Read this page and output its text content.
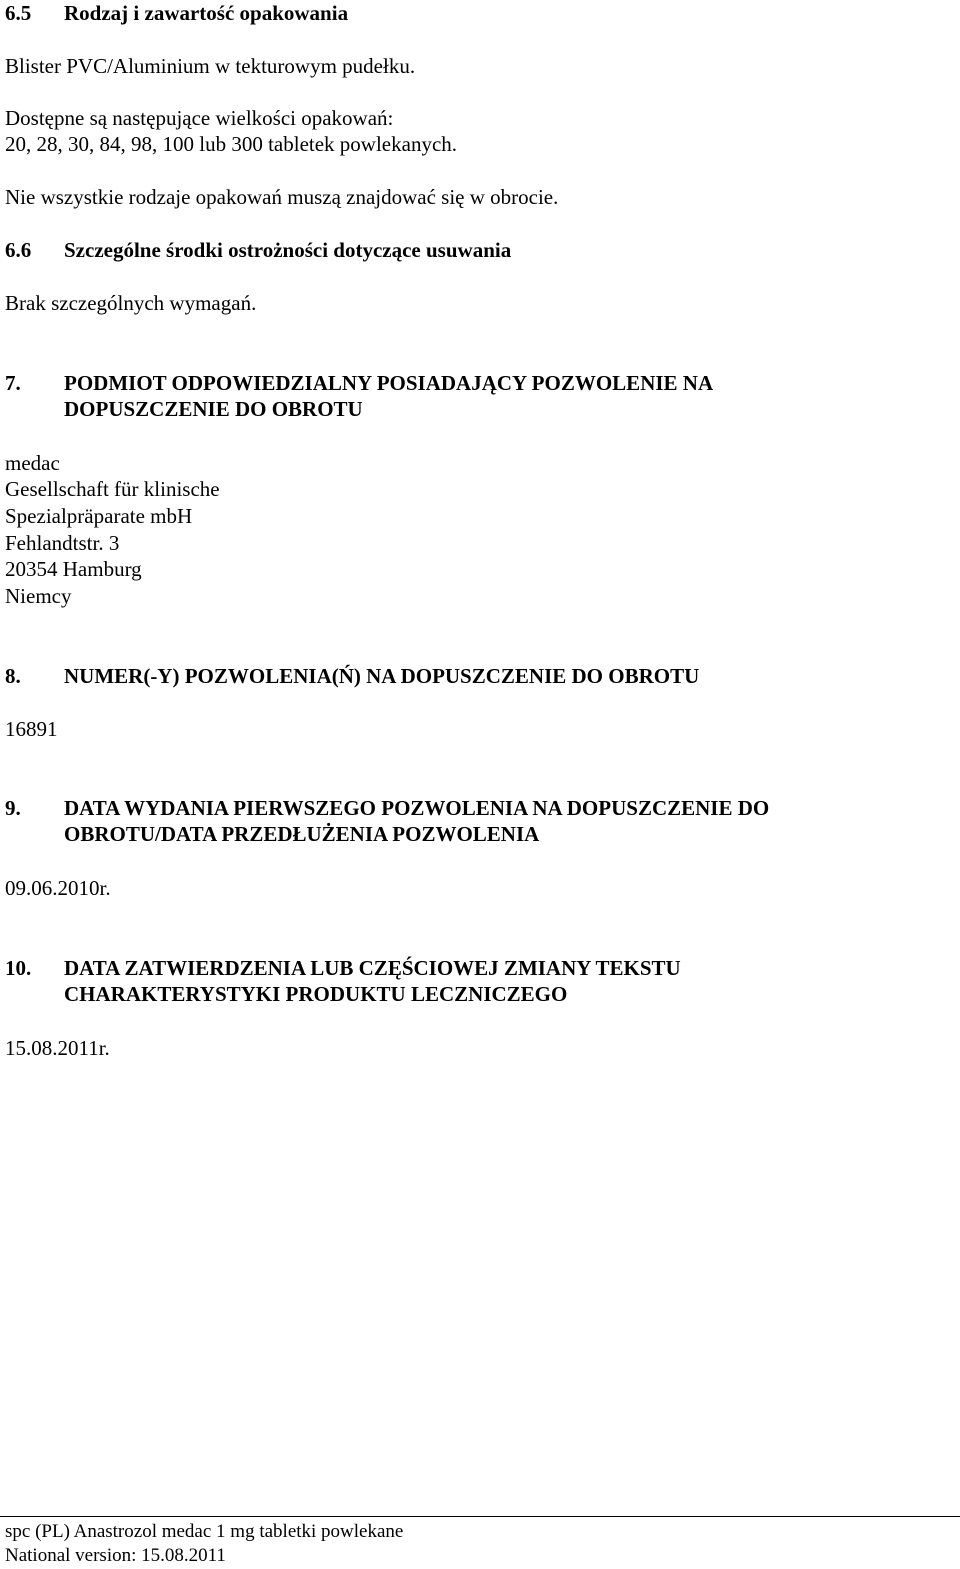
6.5 Rodzaj i zawartość opakowania
Blister PVC/Aluminium w tekturowym pudełku.
Dostępne są następujące wielkości opakowań:
20, 28, 30, 84, 98, 100 lub 300 tabletek powlekanych.
Nie wszystkie rodzaje opakowań muszą znajdować się w obrocie.
6.6 Szczególne środki ostrożności dotyczące usuwania
Brak szczególnych wymagań.
7. PODMIOT ODPOWIEDZIALNY POSIADAJĄCY POZWOLENIE NA
DOPUSZCZENIE DO OBROTU
medac
Gesellschaft für klinische
Spezialpräparate mbH
Fehlandtstr. 3
20354 Hamburg
Niemcy
8. NUMER(-Y) POZWOLENIA(Ń) NA DOPUSZCZENIE DO OBROTU
16891
9. DATA WYDANIA PIERWSZEGO POZWOLENIA NA DOPUSZCZENIE DO
OBROTU/DATA PRZEDŁUŻENIA POZWOLENIA
09.06.2010r.
10. DATA ZATWIERDZENIA LUB CZĘŚCIOWEJ ZMIANY TEKSTU
CHARAKTERYSTYKI PRODUKTU LECZNICZEGO
15.08.2011r.
spc (PL) Anastrozol medac 1 mg tabletki powlekane
National version: 15.08.2011
